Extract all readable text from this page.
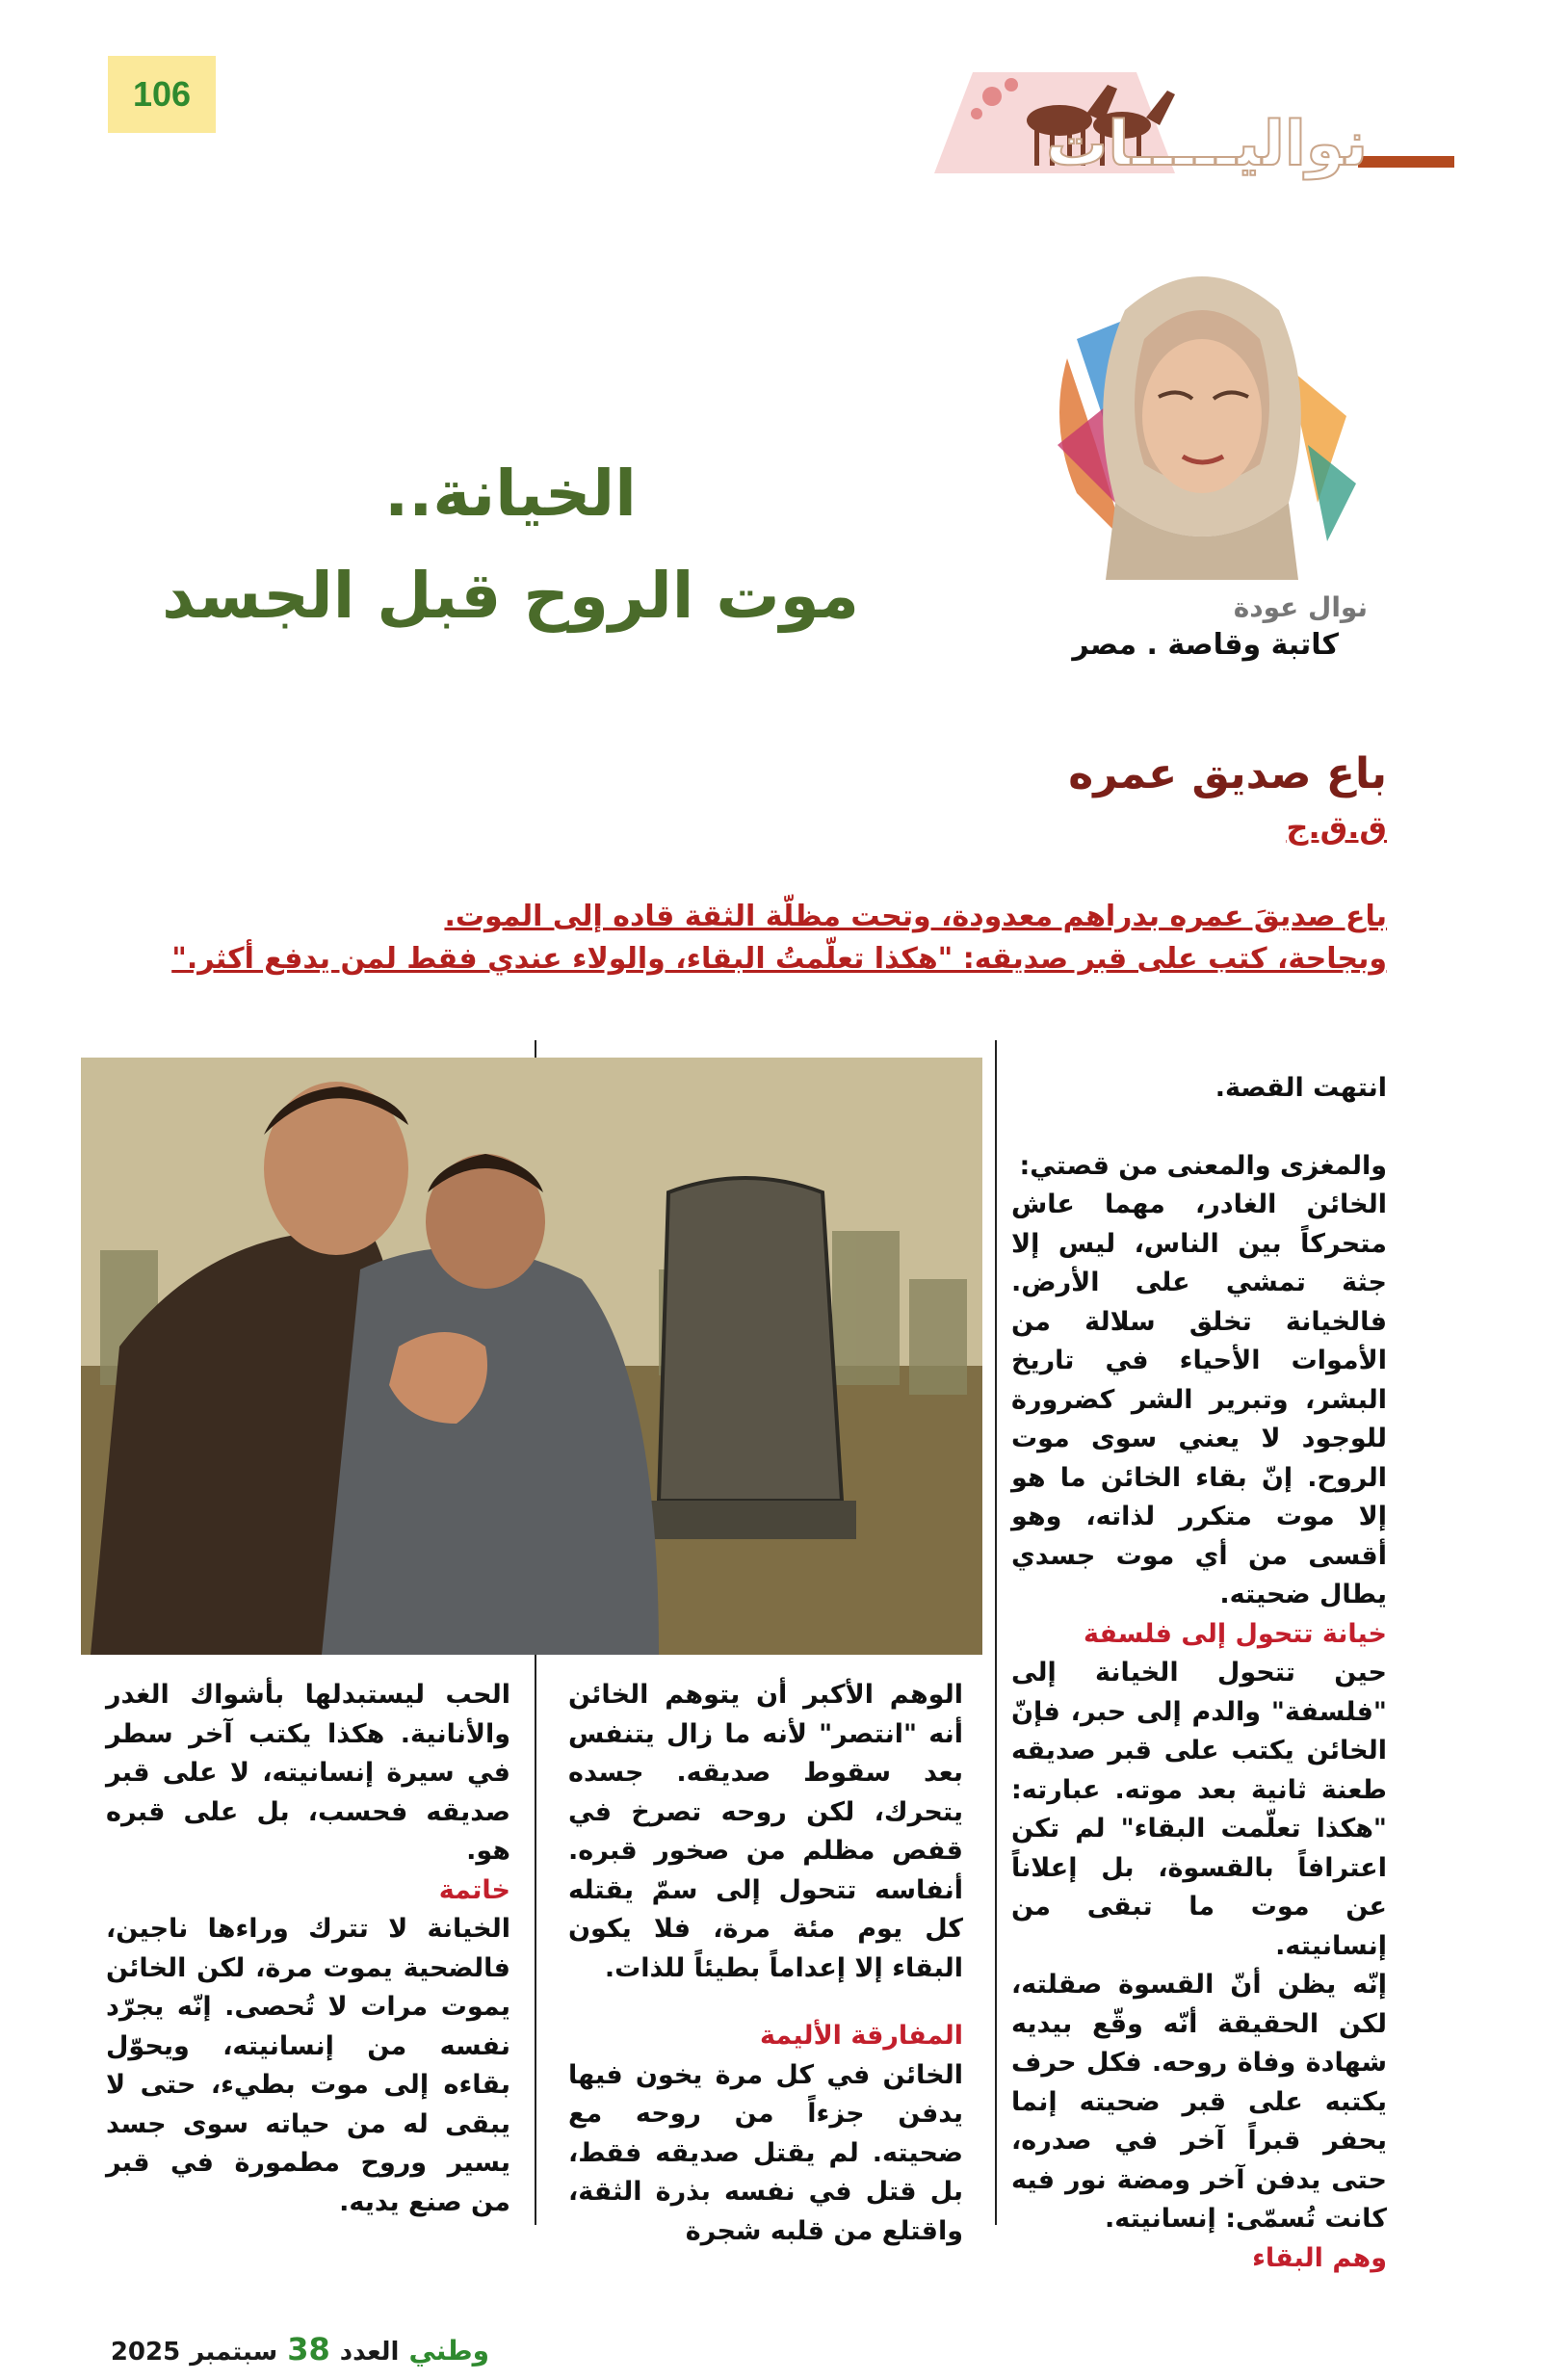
106
نواليـــــات
نوال عودة
كاتبة وقاصة . مصر
الخيانة..
موت الروح قبل الجسد
باع صديق عمره
ق.ق.ج
باع صديقَ عمره بدراهم معدودة، وتحت مظلّة الثقة قاده إلى الموت.
وبجاحة، كتب على قبر صديقه: "هكذا تعلّمتُ البقاء، والولاء عندي فقط لمن يدفع أكثر."

انتهت القصة.

والمغزى والمعنى من قصتي:

الخائن الغادر، مهما عاش متحركاً بين الناس، ليس إلا جثة تمشي على الأرض. فالخيانة تخلق سلالة من الأموات الأحياء في تاريخ البشر، وتبرير الشر كضرورة للوجود لا يعني سوى موت الروح. إنّ بقاء الخائن ما هو إلا موت متكرر لذاته، وهو أقسى من أي موت جسدي يطال ضحيته.

خيانة تتحول إلى فلسفة

حين تتحول الخيانة إلى "فلسفة" والدم إلى حبر، فإنّ الخائن يكتب على قبر صديقه طعنة ثانية بعد موته. عبارته: "هكذا تعلّمت البقاء" لم تكن اعترافاً بالقسوة، بل إعلاناً عن موت ما تبقى من إنسانيته.

إنّه يظن أنّ القسوة صقلته، لكن الحقيقة أنّه وقّع بيديه شهادة وفاة روحه. فكل حرف يكتبه على قبر ضحيته إنما يحفر قبراً آخر في صدره، حتى يدفن آخر ومضة نور فيه كانت تُسمّى: إنسانيته.

وهم البقاء

الوهم الأكبر أن يتوهم الخائن أنه "انتصر" لأنه ما زال يتنفس بعد سقوط صديقه. جسده يتحرك، لكن روحه تصرخ في قفص مظلم من صخور قبره. أنفاسه تتحول إلى سمّ يقتله كل يوم مئة مرة، فلا يكون البقاء إلا إعداماً بطيئاً للذات.

المفارقة الأليمة

الخائن في كل مرة يخون فيها يدفن جزءاً من روحه مع ضحيته. لم يقتل صديقه فقط، بل قتل في نفسه بذرة الثقة، واقتلع من قلبه شجرة

الحب ليستبدلها بأشواك الغدر والأنانية. هكذا يكتب آخر سطر في سيرة إنسانيته، لا على قبر صديقه فحسب، بل على قبره هو.

خاتمة

الخيانة لا تترك وراءها ناجين، فالضحية يموت مرة، لكن الخائن يموت مرات لا تُحصى. إنّه يجرّد نفسه من إنسانيته، ويحوّل بقاءه إلى موت بطيء، حتى لا يبقى له من حياته سوى جسد يسير وروح مطمورة في قبر من صنع يديه.

وطني
العدد
38
سبتمبر
2025
